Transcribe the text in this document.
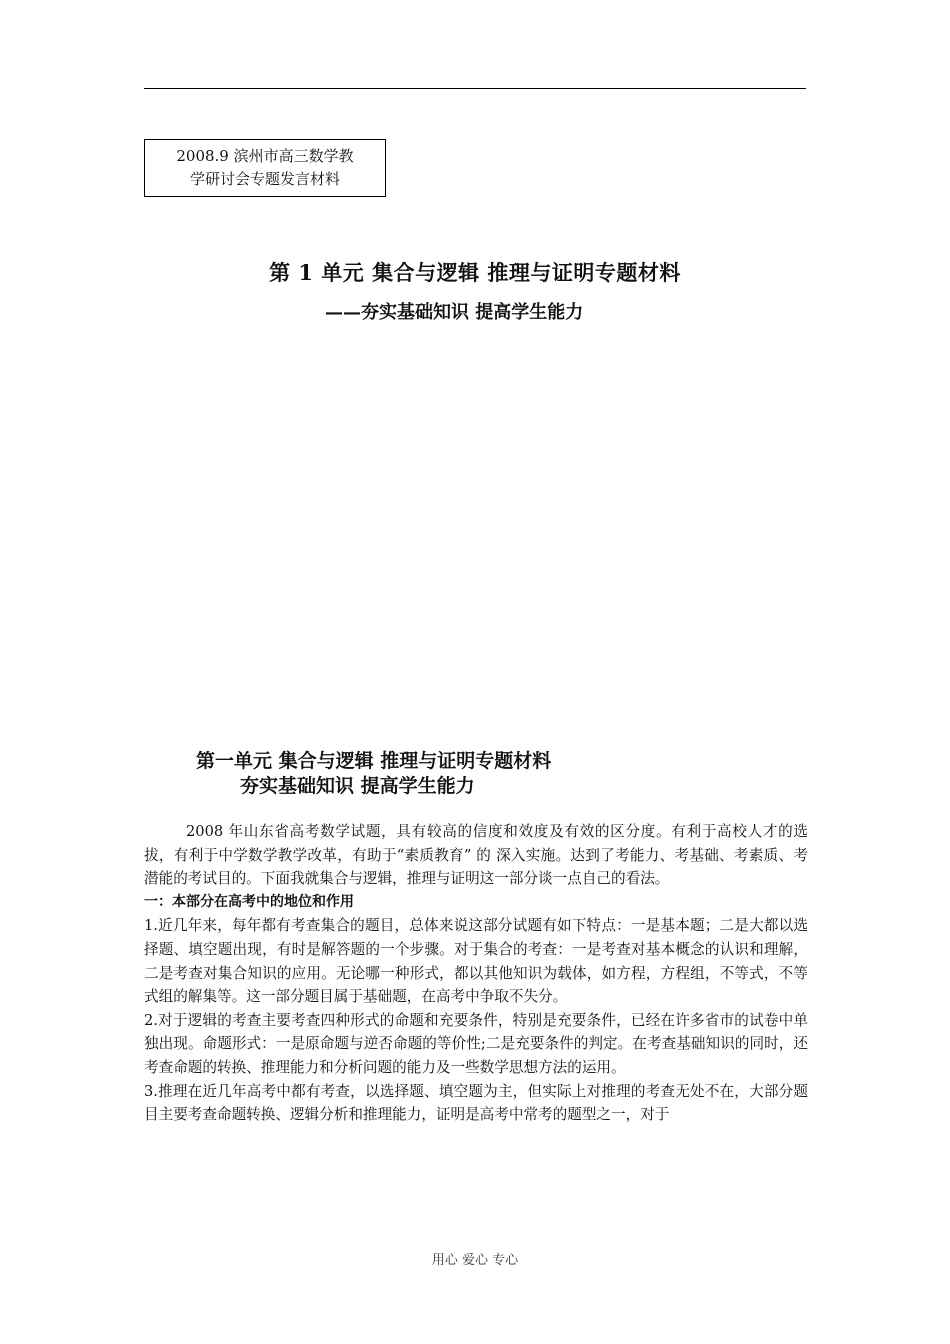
2008.9 滨州市高三数学教
学研讨会专题发言材料
第 1 单元 集合与逻辑 推理与证明专题材料
——夯实基础知识 提高学生能力
第一单元 集合与逻辑 推理与证明专题材料
夯实基础知识 提高学生能力

2008 年山东省高考数学试题，具有较高的信度和效度及有效的区分度。有利于高校人才的选拔，有利于中学数学教学改革，有助于“素质教育” 的 深入实施。达到了考能力、考基础、考素质、考潜能的考试目的。下面我就集合与逻辑，推理与证明这一部分谈一点自己的看法。

一：本部分在高考中的地位和作用

1.近几年来，每年都有考查集合的题目，总体来说这部分试题有如下特点：一是基本题；二是大都以选择题、填空题出现，有时是解答题的一个步骤。对于集合的考查：一是考查对基本概念的认识和理解，二是考查对集合知识的应用。无论哪一种形式，都以其他知识为载体，如方程，方程组，不等式，不等式组的解集等。这一部分题目属于基础题，在高考中争取不失分。

2.对于逻辑的考查主要考查四种形式的命题和充要条件，特别是充要条件，已经在许多省市的试卷中单独出现。命题形式：一是原命题与逆否命题的等价性;二是充要条件的判定。在考查基础知识的同时，还考查命题的转换、推理能力和分析问题的能力及一些数学思想方法的运用。

3.推理在近几年高考中都有考查，以选择题、填空题为主，但实际上对推理的考查无处不在，大部分题目主要考查命题转换、逻辑分析和推理能力，证明是高考中常考的题型之一，对于

用心 爱心 专心
